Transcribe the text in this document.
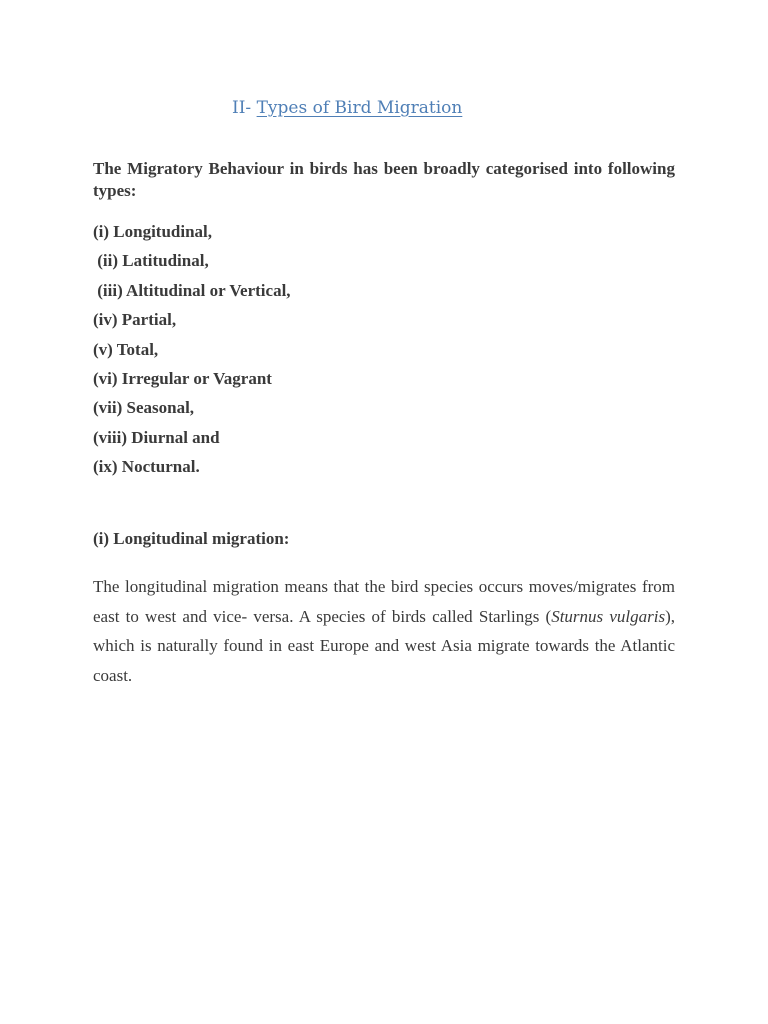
II- Types of Bird Migration
The Migratory Behaviour in birds has been broadly categorised into following types:
(i) Longitudinal,
(ii) Latitudinal,
(iii) Altitudinal or Vertical,
(iv) Partial,
(v) Total,
(vi) Irregular or Vagrant
(vii) Seasonal,
(viii) Diurnal and
(ix) Nocturnal.
(i) Longitudinal migration:

The longitudinal migration means that the bird species occurs moves/migrates from east to west and vice- versa. A species of birds called Starlings (Sturnus vulgaris), which is naturally found in east Europe and west Asia migrate towards the Atlantic coast.
